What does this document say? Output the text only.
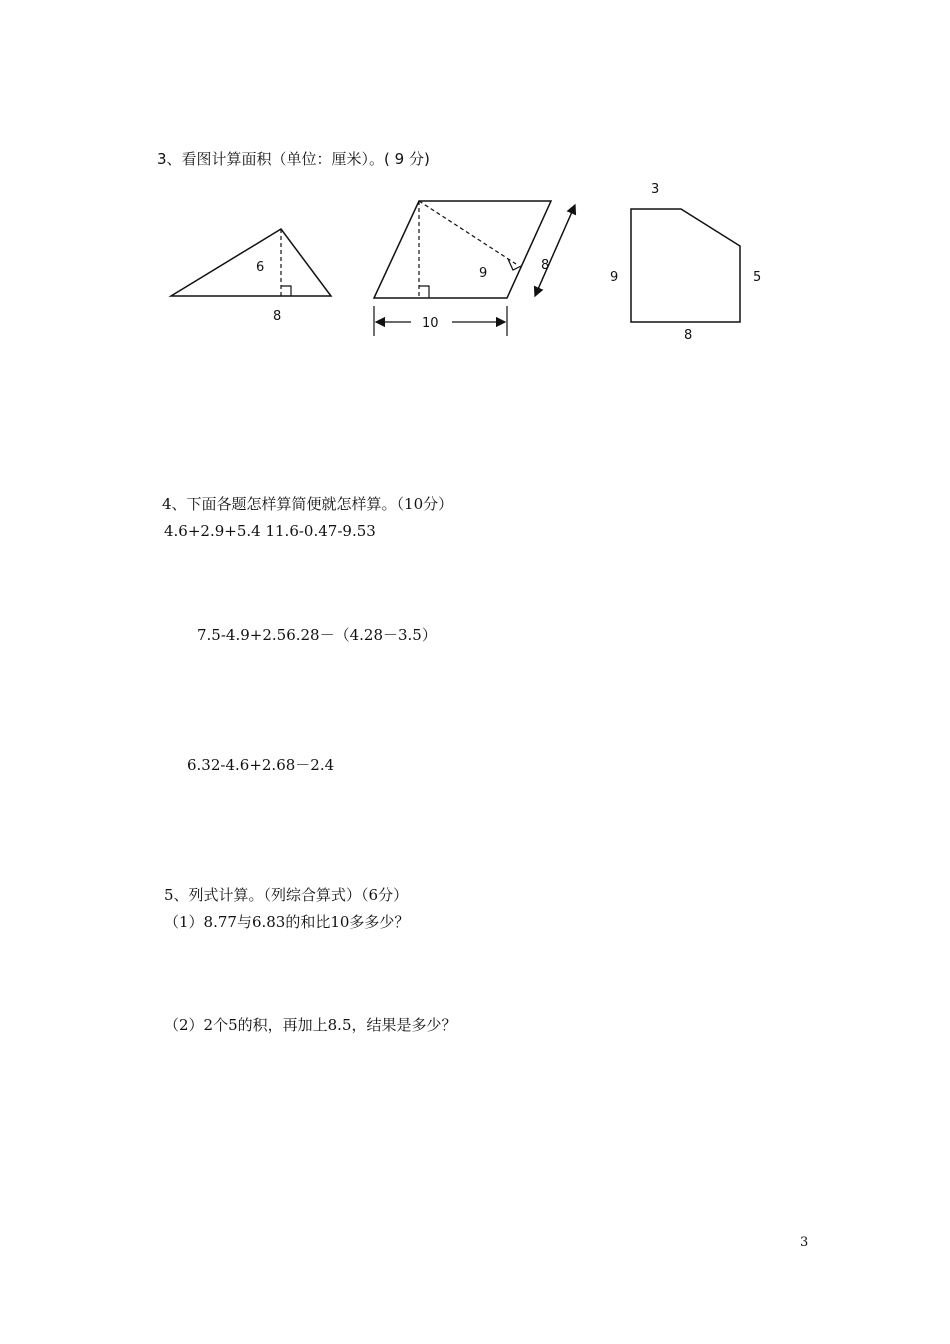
3、看图计算面积（单位：厘米）。( 9 分)
6
8
9
8
10
3
9	5
8
4、下面各题怎样算简便就怎样算。（10分）
4.6+2.9+5.4 11.6-0.47-9.53
7.5-4.9+2.56.28－（4.28－3.5）
6.32-4.6+2.68－2.4
5、列式计算。（列综合算式）（6分）
（1）8.77与6.83的和比10多多少？
（2）2个5的积，再加上8.5，结果是多少？
3
